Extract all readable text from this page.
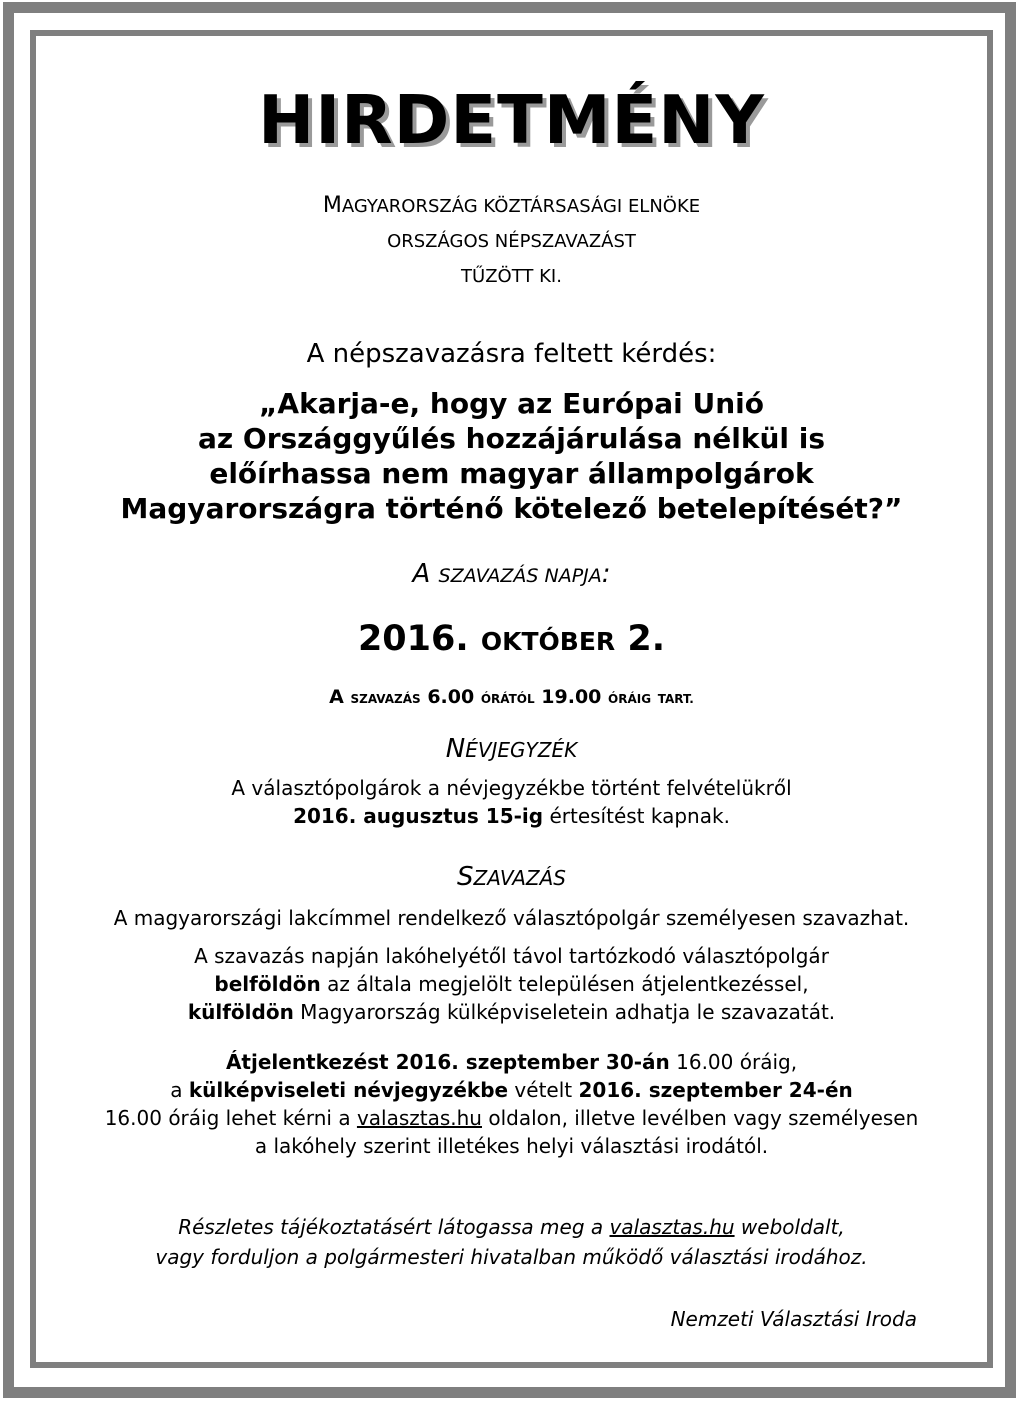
HIRDETMÉNY
MAGYARORSZÁG KÖZTÁRSASÁGI ELNÖKE
ORSZÁGOS NÉPSZAVAZÁST
TŰZÖTT KI.
A népszavazásra feltett kérdés:
„Akarja-e, hogy az Európai Unió
az Országgyűlés hozzájárulása nélkül is
előírhassa nem magyar állampolgárok
Magyarországra történő kötelező betelepítését?”
A SZAVAZÁS NAPJA:
2016. OKTÓBER 2.
A SZAVAZÁS 6.00 ÓRÁTÓL 19.00 ÓRÁIG TART.
NÉVJEGYZÉK
A választópolgárok a névjegyzékbe történt felvételükről
2016. augusztus 15-ig értesítést kapnak.
SZAVAZÁS
A magyarországi lakcímmel rendelkező választópolgár személyesen szavazhat.
A szavazás napján lakóhelyétől távol tartózkodó választópolgár
belföldön az általa megjelölt településen átjelentkezéssel,
külföldön Magyarország külképviseletein adhatja le szavazatát.
Átjelentkezést 2016. szeptember 30-án 16.00 óráig,
a külképviseleti névjegyzékbe vételt 2016. szeptember 24-én
16.00 óráig lehet kérni a valasztas.hu oldalon, illetve levélben vagy személyesen
a lakóhely szerint illetékes helyi választási irodától.
Részletes tájékoztatásért látogassa meg a valasztas.hu weboldalt,
vagy forduljon a polgármesteri hivatalban működő választási irodához.
Nemzeti Választási Iroda
